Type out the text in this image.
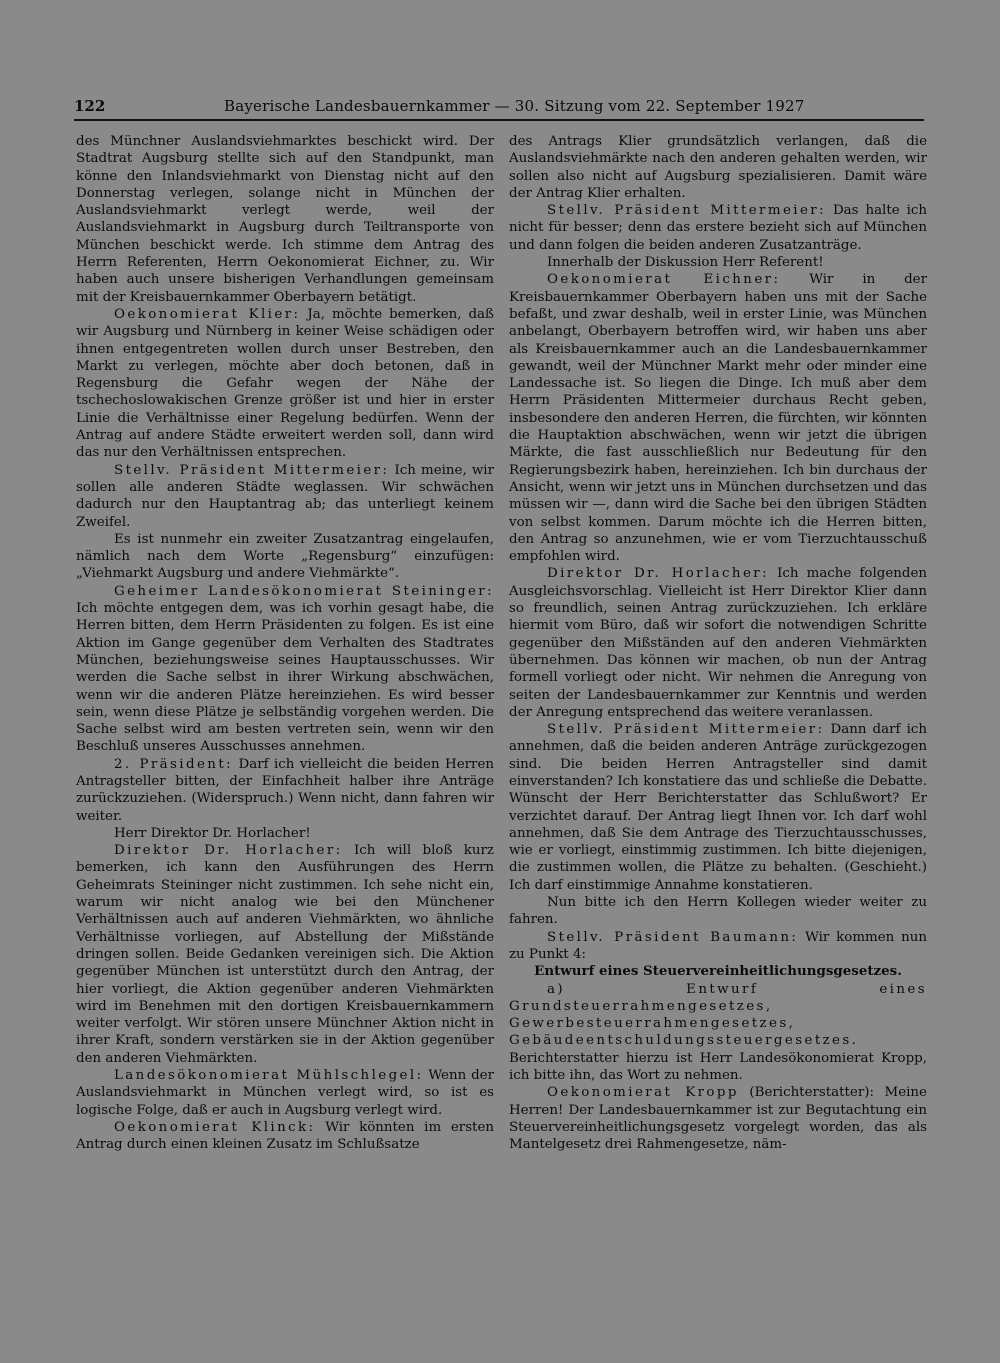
122	Bayerische Landesbauernkammer — 30. Sitzung vom 22. September 1927

des Münchner Auslandsviehmarktes beschickt wird. Der Stadtrat Augsburg stellte sich auf den Standpunkt, man könne den Inlandsviehmarkt von Dienstag nicht auf den Donnerstag verlegen, solange nicht in München der Auslandsviehmarkt verlegt werde, weil der Auslandsviehmarkt in Augsburg durch Teiltransporte von München beschickt werde. Ich stimme dem Antrag des Herrn Referenten, Herrn Oekonomierat Eichner, zu. Wir haben auch unsere bisherigen Verhandlungen gemeinsam mit der Kreisbauernkammer Oberbayern betätigt.

Oekonomierat Klier: Ja, möchte bemerken, daß wir Augsburg und Nürnberg in keiner Weise schädigen oder ihnen entgegentreten wollen durch unser Bestreben, den Markt zu verlegen, möchte aber doch betonen, daß in Regensburg die Gefahr wegen der Nähe der tschechoslowakischen Grenze größer ist und hier in erster Linie die Verhältnisse einer Regelung bedürfen. Wenn der Antrag auf andere Städte erweitert werden soll, dann wird das nur den Verhältnissen entsprechen.

Stellv. Präsident Mittermeier: Ich meine, wir sollen alle anderen Städte weglassen. Wir schwächen dadurch nur den Hauptantrag ab; das unterliegt keinem Zweifel.

Es ist nunmehr ein zweiter Zusatzantrag eingelaufen, nämlich nach dem Worte „Regensburg“ einzufügen: „Viehmarkt Augsburg und andere Viehmärkte“.

Geheimer Landesökonomierat Steininger: Ich möchte entgegen dem, was ich vorhin gesagt habe, die Herren bitten, dem Herrn Präsidenten zu folgen. Es ist eine Aktion im Gange gegenüber dem Verhalten des Stadtrates München, beziehungsweise seines Hauptausschusses. Wir werden die Sache selbst in ihrer Wirkung abschwächen, wenn wir die anderen Plätze hereinziehen. Es wird besser sein, wenn diese Plätze je selbständig vorgehen werden. Die Sache selbst wird am besten vertreten sein, wenn wir den Beschluß unseres Ausschusses annehmen.

2. Präsident: Darf ich vielleicht die beiden Herren Antragsteller bitten, der Einfachheit halber ihre Anträge zurückzuziehen. (Widerspruch.) Wenn nicht, dann fahren wir weiter.

Herr Direktor Dr. Horlacher!

Direktor Dr. Horlacher: Ich will bloß kurz bemerken, ich kann den Ausführungen des Herrn Geheimrats Steininger nicht zustimmen. Ich sehe nicht ein, warum wir nicht analog wie bei den Münchener Verhältnissen auch auf anderen Viehmärkten, wo ähnliche Verhältnisse vorliegen, auf Abstellung der Mißstände dringen sollen. Beide Gedanken vereinigen sich. Die Aktion gegenüber München ist unterstützt durch den Antrag, der hier vorliegt, die Aktion gegenüber anderen Viehmärkten wird im Benehmen mit den dortigen Kreisbauernkammern weiter verfolgt. Wir stören unsere Münchner Aktion nicht in ihrer Kraft, sondern verstärken sie in der Aktion gegenüber den anderen Viehmärkten.

Landesökonomierat Mühlschlegel: Wenn der Auslandsviehmarkt in München verlegt wird, so ist es logische Folge, daß er auch in Augsburg verlegt wird.

Oekonomierat Klinck: Wir könnten im ersten Antrag durch einen kleinen Zusatz im Schlußsatze

des Antrags Klier grundsätzlich verlangen, daß die Auslandsviehmärkte nach den anderen gehalten werden, wir sollen also nicht auf Augsburg spezialisieren. Damit wäre der Antrag Klier erhalten.

Stellv. Präsident Mittermeier: Das halte ich nicht für besser; denn das erstere bezieht sich auf München und dann folgen die beiden anderen Zusatzanträge.

Innerhalb der Diskussion Herr Referent!

Oekonomierat Eichner: Wir in der Kreisbauernkammer Oberbayern haben uns mit der Sache befaßt, und zwar deshalb, weil in erster Linie, was München anbelangt, Oberbayern betroffen wird, wir haben uns aber als Kreisbauernkammer auch an die Landesbauernkammer gewandt, weil der Münchner Markt mehr oder minder eine Landessache ist. So liegen die Dinge. Ich muß aber dem Herrn Präsidenten Mittermeier durchaus Recht geben, insbesondere den anderen Herren, die fürchten, wir könnten die Hauptaktion abschwächen, wenn wir jetzt die übrigen Märkte, die fast ausschließlich nur Bedeutung für den Regierungsbezirk haben, hereinziehen. Ich bin durchaus der Ansicht, wenn wir jetzt uns in München durchsetzen und das müssen wir —, dann wird die Sache bei den übrigen Städten von selbst kommen. Darum möchte ich die Herren bitten, den Antrag so anzunehmen, wie er vom Tierzuchtausschuß empfohlen wird.

Direktor Dr. Horlacher: Ich mache folgenden Ausgleichsvorschlag. Vielleicht ist Herr Direktor Klier dann so freundlich, seinen Antrag zurückzuziehen. Ich erkläre hiermit vom Büro, daß wir sofort die notwendigen Schritte gegenüber den Mißständen auf den anderen Viehmärkten übernehmen. Das können wir machen, ob nun der Antrag formell vorliegt oder nicht. Wir nehmen die Anregung von seiten der Landesbauernkammer zur Kenntnis und werden der Anregung entsprechend das weitere veranlassen.

Stellv. Präsident Mittermeier: Dann darf ich annehmen, daß die beiden anderen Anträge zurückgezogen sind. Die beiden Herren Antragsteller sind damit einverstanden? Ich konstatiere das und schließe die Debatte. Wünscht der Herr Berichterstatter das Schlußwort? Er verzichtet darauf. Der Antrag liegt Ihnen vor. Ich darf wohl annehmen, daß Sie dem Antrage des Tierzuchtausschusses, wie er vorliegt, einstimmig zustimmen. Ich bitte diejenigen, die zustimmen wollen, die Plätze zu behalten. (Geschieht.) Ich darf einstimmige Annahme konstatieren.

Nun bitte ich den Herrn Kollegen wieder weiter zu fahren.

Stellv. Präsident Baumann: Wir kommen nun zu Punkt 4:

Entwurf eines Steuervereinheitlichungsgesetzes.

a) Entwurf eines Grundsteuerrahmengesetzes, Gewerbesteuerrahmengesetzes, Gebäudeentschuldungssteuergesetzes. Berichterstatter hierzu ist Herr Landesökonomierat Kropp, ich bitte ihn, das Wort zu nehmen.

Oekonomierat Kropp (Berichterstatter): Meine Herren! Der Landesbauernkammer ist zur Begutachtung ein Steuervereinheitlichungsgesetz vorgelegt worden, das als Mantelgesetz drei Rahmengesetze, näm-
